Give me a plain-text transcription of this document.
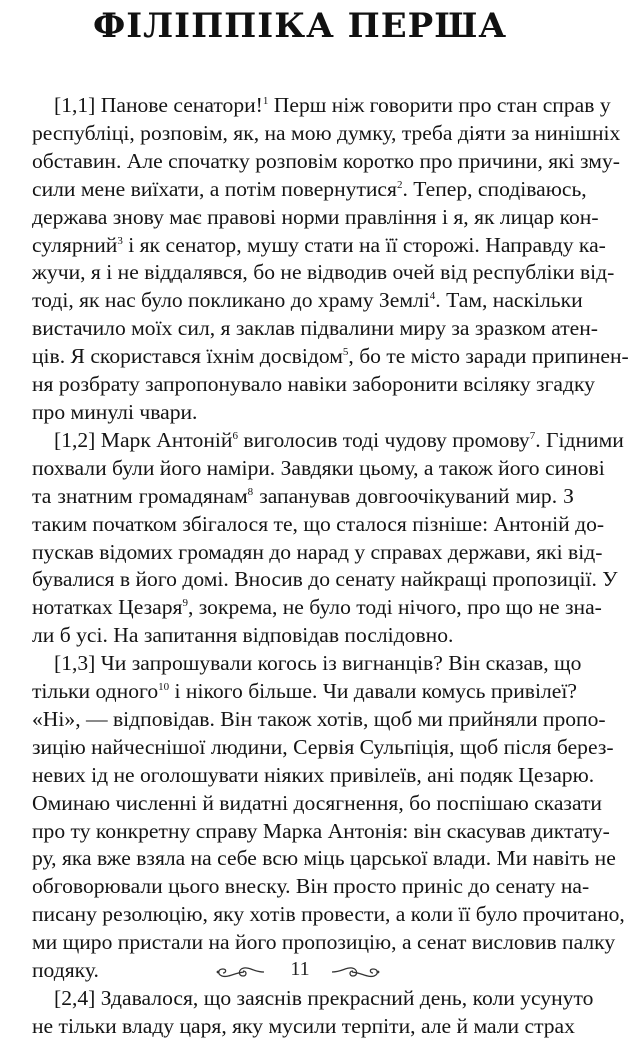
ФІЛІППІКА ПЕРША
[1,1] Панове сенатори!$^1$ Перш ніж говорити про стан справ у
республіці, розповім, як, на мою думку, треба діяти за нинішніх
обставин. Але спочатку розповім коротко про причини, які зму-
сили мене виїхати, а потім повернутися$^2$. Тепер, сподіваюсь,
держава знову має правові норми правління і я, як лицар кон-
сулярний$^3$ і як сенатор, мушу стати на її сторожі. Направду ка-
жучи, я і не віддалявся, бо не відводив очей від республіки від-
тоді, як нас було покликано до храму Землі$^4$. Там, наскільки
вистачило моїх сил, я заклав підвалини миру за зразком атен-
ців. Я скористався їхнім досвідом$^5$, бо те місто заради припинен-
ня розбрату запропонувало навіки заборонити всіляку згадку
про минулі чвари.
[1,2] Марк Антоній$^6$ виголосив тоді чудову промову$^7$. Гідними
похвали були його наміри. Завдяки цьому, а також його синові
та знатним громадянам$^8$ запанував довгоочікуваний мир. З
таким початком збігалося те, що сталося пізніше: Антоній до-
пускав відомих громадян до нарад у справах держави, які від-
бувалися в його домі. Вносив до сенату найкращі пропозиції. У
нотатках Цезаря$^9$, зокрема, не було тоді нічого, про що не зна-
ли б усі. На запитання відповідав послідовно.
[1,3] Чи запрошували когось із вигнанців? Він сказав, що
тільки одного$^{10}$ і нікого більше. Чи давали комусь привілеї?
«Ні», — відповідав. Він також хотів, щоб ми прийняли пропо-
зицію найчеснішої людини, Сервія Сульпіція, щоб після берез-
невих ід не оголошувати ніяких привілеїв, ані подяк Цезарю.
Оминаю численні й видатні досягнення, бо поспішаю сказати
про ту конкретну справу Марка Антонія: він скасував диктату-
ру, яка вже взяла на себе всю міць царської влади. Ми навіть не
обговорювали цього внеску. Він просто приніс до сенату на-
писану резолюцію, яку хотів провести, а коли її було прочитано,
ми щиро пристали на його пропозицію, а сенат висловив палку
подяку.
[2,4] Здавалося, що заяснів прекрасний день, коли усунуто
не тільки владу царя, яку мусили терпіти, але й мали страх
11
